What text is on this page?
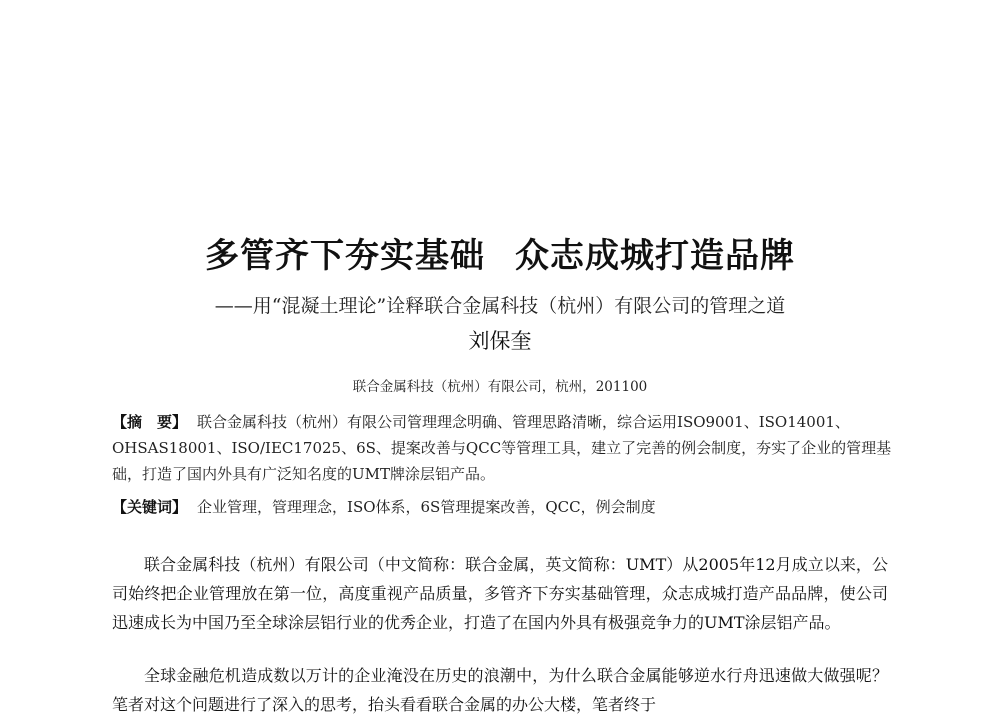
多管齐下夯实基础 众志成城打造品牌
——用“混凝土理论”诠释联合金属科技（杭州）有限公司的管理之道
刘保奎
联合金属科技（杭州）有限公司，杭州，201100
【摘　要】 联合金属科技（杭州）有限公司管理理念明确、管理思路清晰，综合运用ISO9001、ISO14001、OHSAS18001、ISO/IEC17025、6S、提案改善与QCC等管理工具，建立了完善的例会制度，夯实了企业的管理基础，打造了国内外具有广泛知名度的UMT牌涂层铝产品。
【关键词】 企业管理，管理理念，ISO体系，6S管理提案改善，QCC，例会制度
联合金属科技（杭州）有限公司（中文简称：联合金属，英文简称：UMT）从2005年12月成立以来，公司始终把企业管理放在第一位，高度重视产品质量，多管齐下夯实基础管理，众志成城打造产品品牌，使公司迅速成长为中国乃至全球涂层铝行业的优秀企业，打造了在国内外具有极强竞争力的UMT涂层铝产品。
全球金融危机造成数以万计的企业淹没在历史的浪潮中，为什么联合金属能够逆水行舟迅速做大做强呢？笔者对这个问题进行了深入的思考，抬头看看联合金属的办公大楼，笔者终于
